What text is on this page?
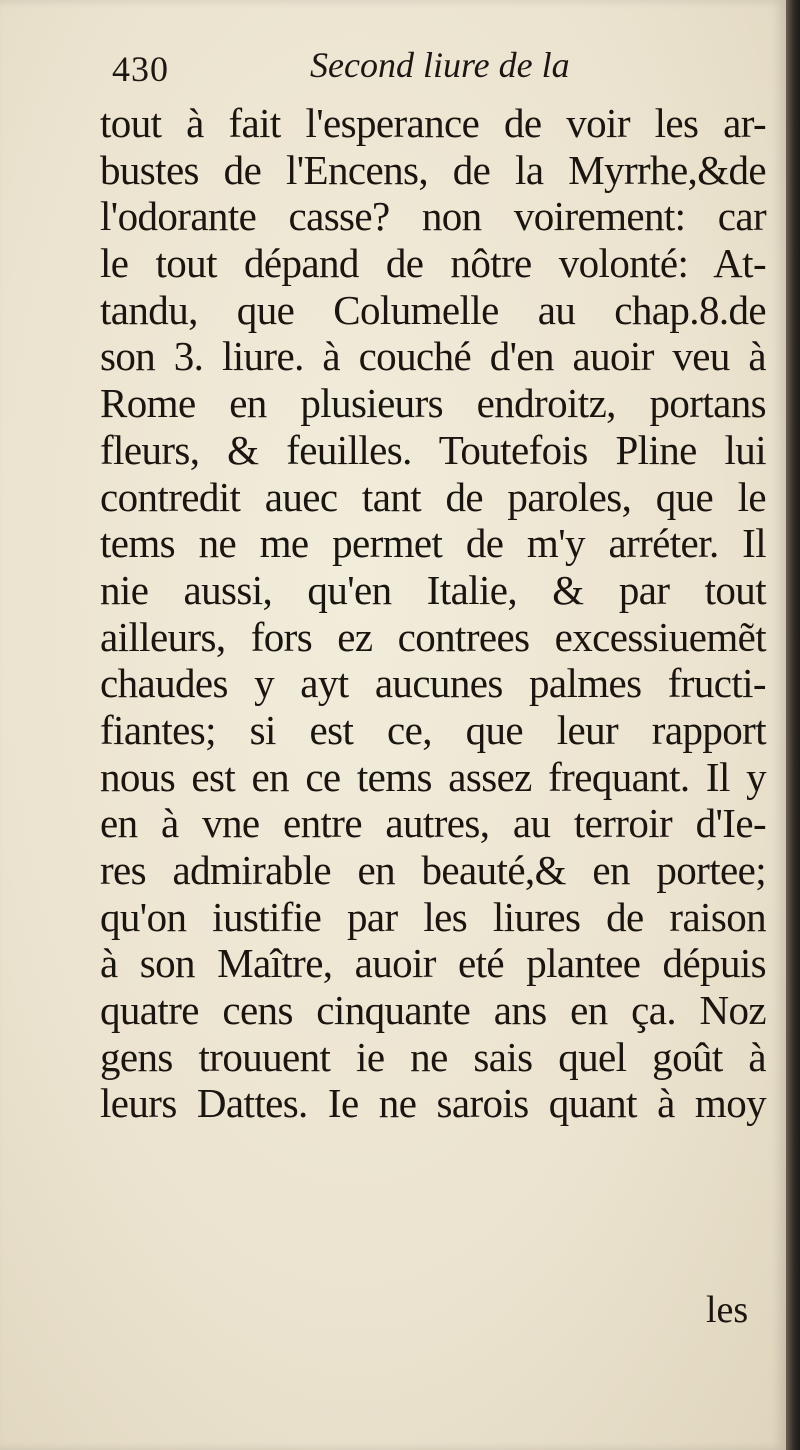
430	Second liure de la
tout à fait l'esperance de voir les ar-
bustes de l'Encens, de la Myrrhe,&de
l'odorante casse? non voirement: car
le tout dépand de nôtre volonté: At-
tandu, que Columelle au chap.8.de
son 3. liure. à couché d'en auoir veu à
Rome en plusieurs endroitz, portans
fleurs, & feuilles. Toutefois Pline lui
contredit auec tant de paroles, que le
tems ne me permet de m'y arréter. Il
nie aussi, qu'en Italie, & par tout
ailleurs, fors ez contrees excessiuemẽt
chaudes y ayt aucunes palmes fructi-
fiantes; si est ce, que leur rapport
nous est en ce tems assez frequant. Il y
en à vne entre autres, au terroir d'Ie-
res admirable en beauté,& en portee;
qu'on iustifie par les liures de raison
à son Maître, auoir eté plantee dépuis
quatre cens cinquante ans en ça. Noz
gens trouuent ie ne sais quel goût à
leurs Dattes. Ie ne sarois quant à moy
les
